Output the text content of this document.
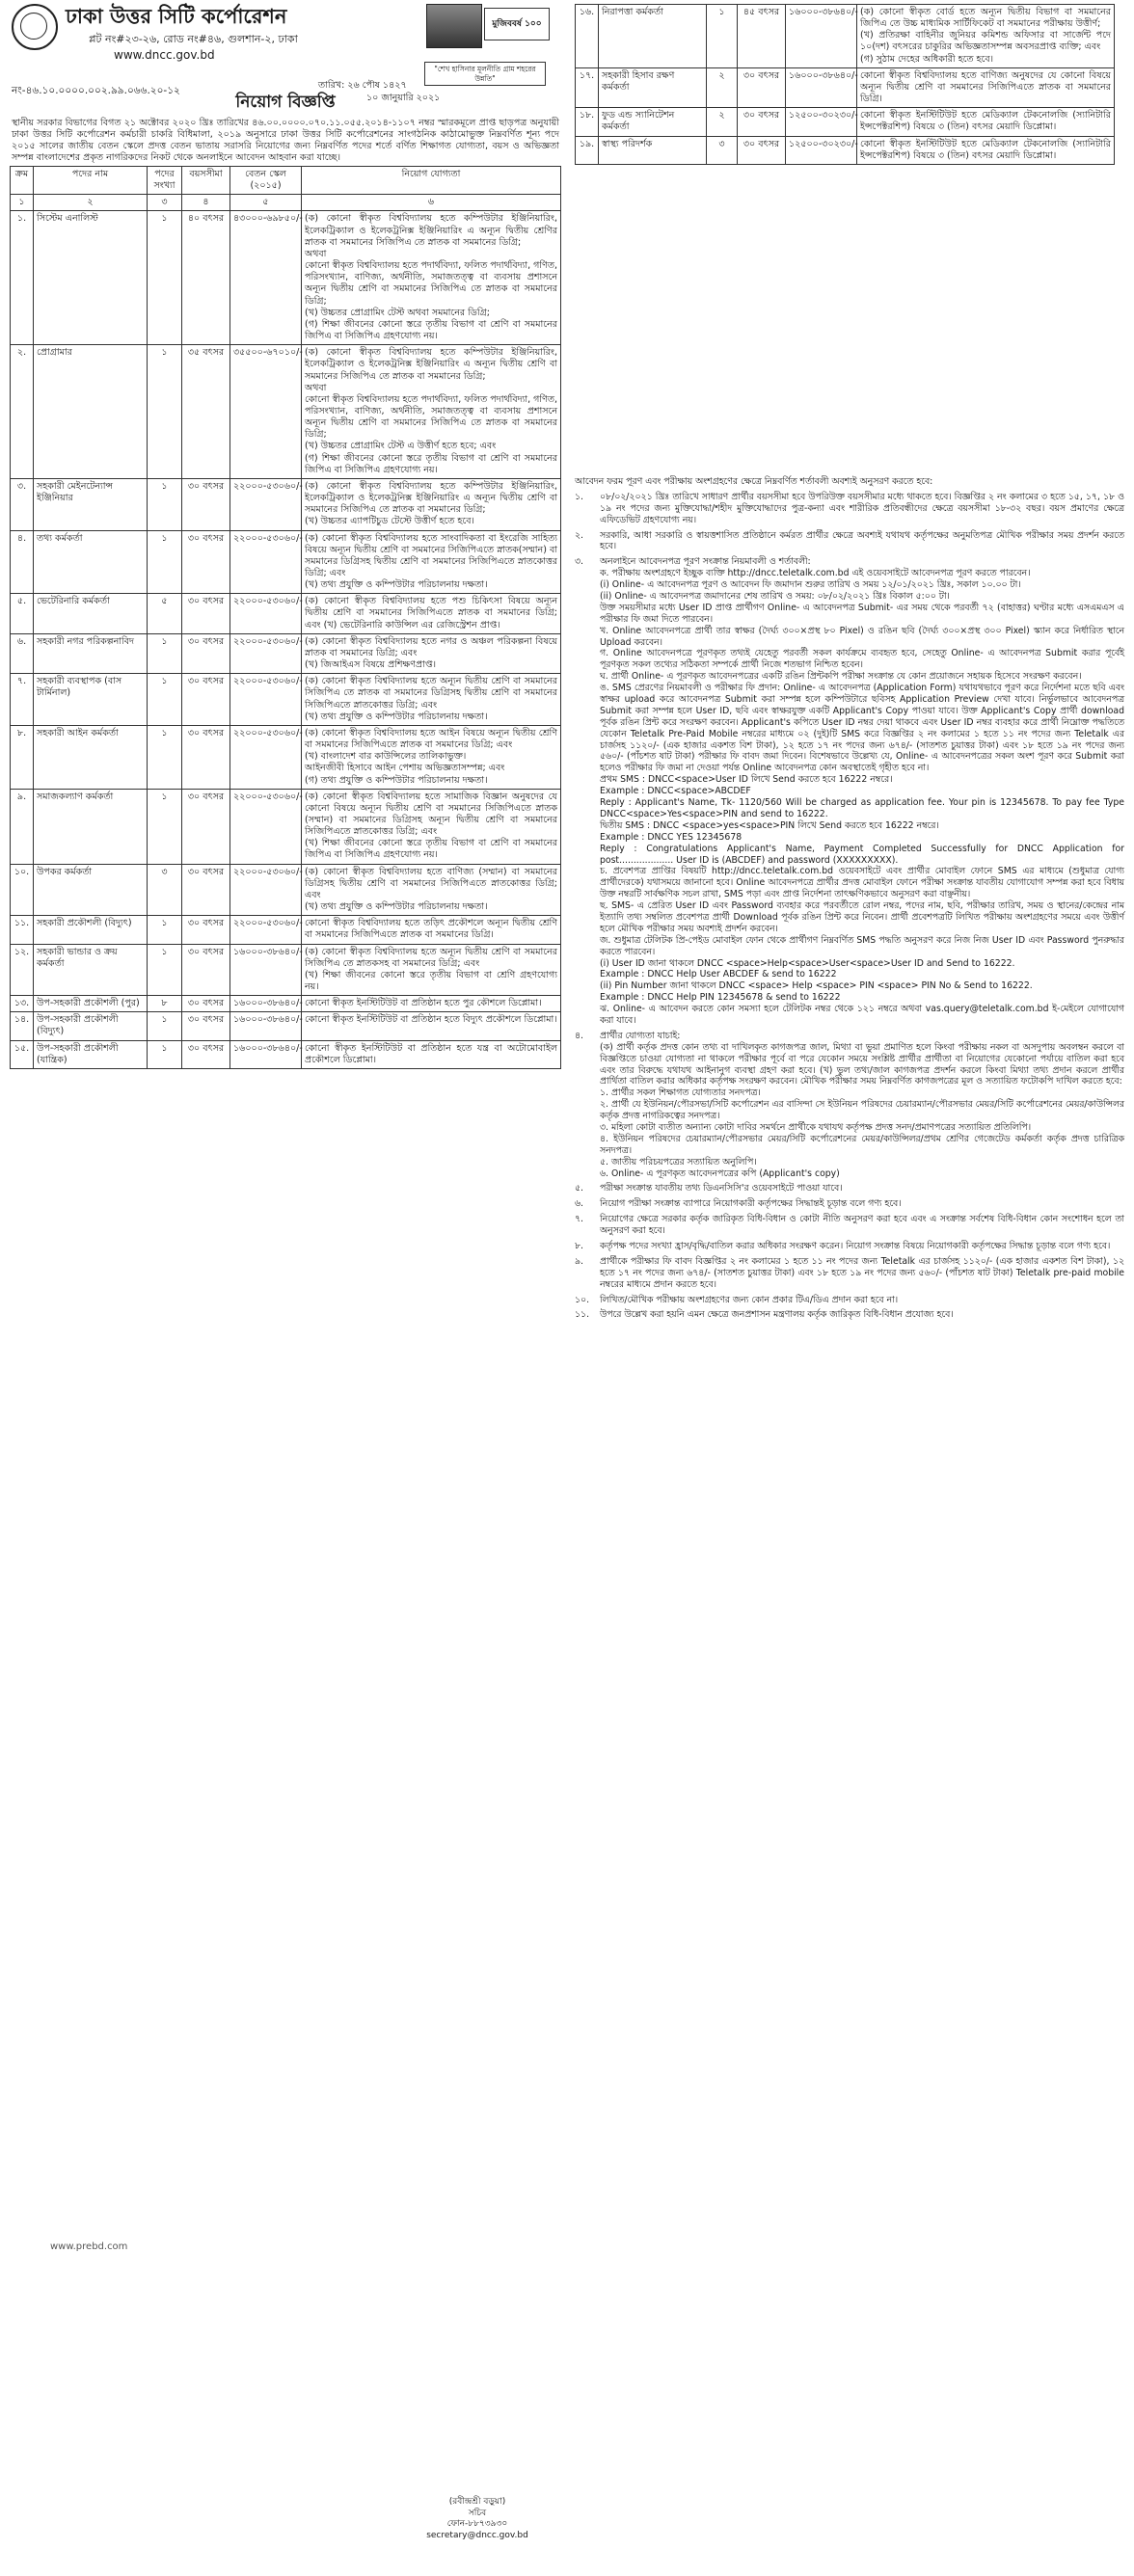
ঢাকা উত্তর সিটি কর্পোরেশন
প্লট নং#২৩-২৬, রোড নং#৪৬, গুলশান-২, ঢাকা
www.dncc.gov.bd
মুজিববর্ষ ১০০
"শেখ হাসিনার মূলনীতি গ্রাম শহরের উন্নতি"
নং-৪৬.১০.০০০০.০০২.৯৯.০৬৬.২০-১২	তারিখ: ২৬ পৌষ ১৪২৭
১০ জানুয়ারি ২০২১
নিয়োগ বিজ্ঞপ্তি
স্থানীয় সরকার বিভাগের বিগত ২১ অক্টোবর ২০২০ খ্রিঃ তারিখের ৪৬.০০.০০০০.০৭০.১১.০৫৫.২০১৪-১১০৭ নম্বর স্মারকমূলে প্রাপ্ত ছাড়পত্র অনুযায়ী ঢাকা উত্তর সিটি কর্পোরেশন কর্মচারী চাকরি বিধিমালা, ২০১৯ অনুসারে ঢাকা উত্তর সিটি কর্পোরেশনের সাংগঠনিক কাঠামোভুক্ত নিম্নবর্ণিত শূন্য পদে ২০১৫ সালের জাতীয় বেতন স্কেলে প্রদত্ত বেতন ভাতায় সরাসরি নিয়োগের জন্য নিম্নবর্ণিত পদের শর্তে বর্ণিত শিক্ষাগত যোগ্যতা, বয়স ও অভিজ্ঞতা সম্পন্ন বাংলাদেশের প্রকৃত নাগরিকদের নিকট থেকে অনলাইনে আবেদন আহবান করা যাচ্ছে।
ক্রম	পদের নাম	পদের সংখ্যা	বয়সসীমা	বেতন স্কেল (২০১৫)	নিয়োগ যোগ্যতা
১	২	৩	৪	৫	৬
১.	সিস্টেম এনালিস্ট	১	৪০ বৎসর	৪৩০০০-৬৯৮৫০/-	(ক) কোনো স্বীকৃত বিশ্ববিদ্যালয় হতে কম্পিউটার ইঞ্জিনিয়ারিং, ইলেকট্রিক্যাল ও ইলেকট্রনিক্স ইঞ্জিনিয়ারিং এ অন্যূন দ্বিতীয় শ্রেণির স্নাতক বা সমমানের সিজিপিএ তে স্নাতক বা সমমানের ডিগ্রি;
অথবা
কোনো স্বীকৃত বিশ্ববিদ্যালয় হতে পদার্থবিদ্যা, ফলিত পদার্থবিদ্যা, গণিত, পরিসংখ্যান, বাণিজ্য, অর্থনীতি, সমাজতত্ত্ব বা ব্যবসায় প্রশাসনে অন্যূন দ্বিতীয় শ্রেণি বা সমমানের সিজিপিএ তে স্নাতক বা সমমানের ডিগ্রি;
(খ) উচ্চতর প্রোগ্রামিং টেস্ট অথবা সমমানের ডিগ্রি;
(গ) শিক্ষা জীবনের কোনো স্তরে তৃতীয় বিভাগ বা শ্রেণি বা সমমানের জিপিএ বা সিজিপিএ গ্রহণযোগ্য নয়।
২.	প্রোগ্রামার	১	৩৫ বৎসর	৩৫৫০০-৬৭০১০/-	(ক) কোনো স্বীকৃত বিশ্ববিদ্যালয় হতে কম্পিউটার ইঞ্জিনিয়ারিং, ইলেকট্রিক্যাল ও ইলেকট্রনিক্স ইঞ্জিনিয়ারিং এ অন্যূন দ্বিতীয় শ্রেণি বা সমমানের সিজিপিএ তে স্নাতক বা সমমানের ডিগ্রি;
অথবা
কোনো স্বীকৃত বিশ্ববিদ্যালয় হতে পদার্থবিদ্যা, ফলিত পদার্থবিদ্যা, গণিত, পরিসংখ্যান, বাণিজ্য, অর্থনীতি, সমাজতত্ত্ব বা ব্যবসায় প্রশাসনে অন্যূন দ্বিতীয় শ্রেণি বা সমমানের সিজিপিএ তে স্নাতক বা সমমানের ডিগ্রি;
(খ) উচ্চতর প্রোগ্রামিং টেস্ট এ উত্তীর্ণ হতে হবে; এবং
(গ) শিক্ষা জীবনের কোনো স্তরে তৃতীয় বিভাগ বা শ্রেণি বা সমমানের জিপিএ বা সিজিপিএ গ্রহণযোগ্য নয়।
৩.	সহকারী মেইনটেন্যান্স ইঞ্জিনিয়ার	১	৩০ বৎসর	২২০০০-৫৩০৬০/-	(ক) কোনো স্বীকৃত বিশ্ববিদ্যালয় হতে কম্পিউটার ইঞ্জিনিয়ারিং, ইলেকট্রিক্যাল ও ইলেকট্রনিক্স ইঞ্জিনিয়ারিং এ অন্যূন দ্বিতীয় শ্রেণি বা সমমানের সিজিপিএ তে স্নাতক বা সমমানের ডিগ্রি;
(খ) উচ্চতর এ্যাপটিচুড টেস্টে উত্তীর্ণ হতে হবে।
৪.	তথ্য কর্মকর্তা	১	৩০ বৎসর	২২০০০-৫৩০৬০/-	(ক) কোনো স্বীকৃত বিশ্ববিদ্যালয় হতে সাংবাদিকতা বা ইংরেজি সাহিত্য বিষয়ে অন্যূন দ্বিতীয় শ্রেণি বা সমমানের সিজিপিএতে স্নাতক(সম্মান) বা সমমানের ডিগ্রিসহ দ্বিতীয় শ্রেণি বা সমমানের সিজিপিএতে স্নাতকোত্তর ডিগ্রি; এবং
(খ) তথ্য প্রযুক্তি ও কম্পিউটার পরিচালনায় দক্ষতা।
৫.	ভেটেরিনারি কর্মকর্তা	৫	৩০ বৎসর	২২০০০-৫৩০৬০/-	(ক) কোনো স্বীকৃত বিশ্ববিদ্যালয় হতে পশু চিকিৎসা বিষয়ে অন্যূন দ্বিতীয় শ্রেণি বা সমমানের সিজিপিএতে স্নাতক বা সমমানের ডিগ্রি; এবং (খ) ভেটেরিনারি কাউন্সিল এর রেজিস্ট্রেশন প্রাপ্ত।
৬.	সহকারী নগর পরিকল্পনাবিদ	১	৩০ বৎসর	২২০০০-৫৩০৬০/-	(ক) কোনো স্বীকৃত বিশ্ববিদ্যালয় হতে নগর ও অঞ্চল পরিকল্পনা বিষয়ে স্নাতক বা সমমানের ডিগ্রি; এবং
(খ) জিআইএস বিষয়ে প্রশিক্ষণপ্রাপ্ত।
৭.	সহকারী ব্যবস্থাপক (বাস টার্মিনাল)	১	৩০ বৎসর	২২০০০-৫৩০৬০/-	(ক) কোনো স্বীকৃত বিশ্ববিদ্যালয় হতে অন্যূন দ্বিতীয় শ্রেণি বা সমমানের সিজিপিএ তে স্নাতক বা সমমানের ডিগ্রিসহ দ্বিতীয় শ্রেণি বা সমমানের সিজিপিএতে স্নাতকোত্তর ডিগ্রি; এবং
(খ) তথ্য প্রযুক্তি ও কম্পিউটার পরিচালনায় দক্ষতা।
৮.	সহকারী আইন কর্মকর্তা	১	৩০ বৎসর	২২০০০-৫৩০৬০/-	(ক) কোনো স্বীকৃত বিশ্ববিদ্যালয় হতে আইন বিষয়ে অন্যূন দ্বিতীয় শ্রেণি বা সমমানের সিজিপিএতে স্নাতক বা সমমানের ডিগ্রি; এবং
(খ) বাংলাদেশ বার কাউন্সিলের তালিকাভুক্ত।
আইনজীবী হিসাবে আইন পেশায় অভিজ্ঞতাসম্পন্ন; এবং
(গ) তথ্য প্রযুক্তি ও কম্পিউটার পরিচালনায় দক্ষতা।
৯.	সমাজকল্যাণ কর্মকর্তা	১	৩০ বৎসর	২২০০০-৫৩০৬০/-	(ক) কোনো স্বীকৃত বিশ্ববিদ্যালয় হতে সামাজিক বিজ্ঞান অনুষদের যে কোনো বিষয়ে অন্যূন দ্বিতীয় শ্রেণি বা সমমানের সিজিপিএতে স্নাতক (সম্মান) বা সমমানের ডিগ্রিসহ অন্যূন দ্বিতীয় শ্রেণি বা সমমানের সিজিপিএতে স্নাতকোত্তর ডিগ্রি; এবং
(খ) শিক্ষা জীবনের কোনো স্তরে তৃতীয় বিভাগ বা শ্রেণি বা সমমানের জিপিএ বা সিজিপিএ গ্রহণযোগ্য নয়।
১০.	উপকর কর্মকর্তা	৩	৩০ বৎসর	২২০০০-৫৩০৬০/-	(ক) কোনো স্বীকৃত বিশ্ববিদ্যালয় হতে বাণিজ্য (সম্মান) বা সমমানের ডিগ্রিসহ দ্বিতীয় শ্রেণি বা সমমানের সিজিপিএতে স্নাতকোত্তর ডিগ্রি; এবং
(খ) তথ্য প্রযুক্তি ও কম্পিউটার পরিচালনায় দক্ষতা।
১১.	সহকারী প্রকৌশলী (বিদ্যুৎ)	১	৩০ বৎসর	২২০০০-৫৩০৬০/-	কোনো স্বীকৃত বিশ্ববিদ্যালয় হতে তড়িৎ প্রকৌশলে অন্যূন দ্বিতীয় শ্রেণি বা সমমানের সিজিপিএতে স্নাতক বা সমমানের ডিগ্রি।
১২.	সহকারী ভান্ডার ও ক্রয় কর্মকর্তা	১	৩০ বৎসর	১৬০০০-৩৮৬৪০/-	(ক) কোনো স্বীকৃত বিশ্ববিদ্যালয় হতে অন্যূন দ্বিতীয় শ্রেণি বা সমমানের সিজিপিএ তে স্নাতকসহ বা সমমানের ডিগ্রি; এবং
(খ) শিক্ষা জীবনের কোনো স্তরে তৃতীয় বিভাগ বা শ্রেণি গ্রহণযোগ্য নয়।
১৩.	উপ-সহকারী প্রকৌশলী (পুর)	৮	৩০ বৎসর	১৬০০০-৩৮৬৪০/-	কোনো স্বীকৃত ইনস্টিটিউট বা প্রতিষ্ঠান হতে পুর কৌশলে ডিপ্লোমা।
১৪.	উপ-সহকারী প্রকৌশলী (বিদ্যুৎ)	১	৩০ বৎসর	১৬০০০-৩৮৬৪০/-	কোনো স্বীকৃত ইনস্টিটিউট বা প্রতিষ্ঠান হতে বিদ্যুৎ প্রকৌশলে ডিপ্লোমা।
১৫.	উপ-সহকারী প্রকৌশলী (যান্ত্রিক)	১	৩০ বৎসর	১৬০০০-৩৮৬৪০/-	কোনো স্বীকৃত ইনস্টিটিউট বা প্রতিষ্ঠান হতে যন্ত্র বা অটোমোবাইল প্রকৌশলে ডিপ্লোমা।
১৬.	নিরাপত্তা কর্মকর্তা	১	৪৫ বৎসর	১৬০০০-৩৮৬৪০/-	(ক) কোনো স্বীকৃত বোর্ড হতে অন্যূন দ্বিতীয় বিভাগ বা সমমানের জিপিএ তে উচ্চ মাধ্যমিক সার্টিফিকেট বা সমমানের পরীক্ষায় উত্তীর্ণ;
(খ) প্রতিরক্ষা বাহিনীর জুনিয়র কমিশন্ড অফিসার বা সার্জেন্ট পদে ১০(দশ) বৎসরের চাকুরির অভিজ্ঞতাসম্পন্ন অবসরপ্রাপ্ত ব্যক্তি; এবং
(গ) সুঠাম দেহের অধিকারী হতে হবে।
১৭.	সহকারী হিসাব রক্ষণ কর্মকর্তা	২	৩০ বৎসর	১৬০০০-৩৮৬৪০/-	কোনো স্বীকৃত বিশ্ববিদ্যালয় হতে বাণিজ্য অনুষদের যে কোনো বিষয়ে অন্যূন দ্বিতীয় শ্রেণি বা সমমানের সিজিপিএতে স্নাতক বা সমমানের ডিগ্রি।
১৮.	ফুড এন্ড স্যানিটেশন কর্মকর্তা	২	৩০ বৎসর	১২৫০০-৩০২৩০/-	কোনো স্বীকৃত ইনস্টিটিউট হতে মেডিক্যাল টেকনোলজি (স্যানিটারি ইন্সপেক্টরশিপ) বিষয়ে ৩ (তিন) বৎসর মেয়াদি ডিপ্লোমা।
১৯.	স্বাস্থ্য পরিদর্শক	৩	৩০ বৎসর	১২৫০০-৩০২৩০/-	কোনো স্বীকৃত ইনস্টিটিউট হতে মেডিক্যাল টেকনোলজি (স্যানিটারি ইন্সপেক্টরশিপ) বিষয়ে ৩ (তিন) বৎসর মেয়াদি ডিপ্লোমা।

আবেদন ফরম পূরণ এবং পরীক্ষায় অংশগ্রহণের ক্ষেত্রে নিম্নবর্ণিত শর্তাবলী অবশ্যই অনুসরণ করতে হবে:

১.	০৮/০২/২০২১ খ্রিঃ তারিখে সাধারণ প্রার্থীর বয়সসীমা হবে উপরিউক্ত বয়সসীমার মধ্যে থাকতে হবে। বিজ্ঞপ্তির ২ নং কলামের ৩ হতে ১৫, ১৭, ১৮ ও ১৯ নং পদের জন্য মুক্তিযোদ্ধা/শহীদ মুক্তিযোদ্ধাদের পুত্র-কন্যা এবং শারীরিক প্রতিবন্ধীদের ক্ষেত্রে বয়সসীমা ১৮-৩২ বছর। বয়স প্রমাণের ক্ষেত্রে এফিডেভিট গ্রহণযোগ্য নয়।
২.	সরকারি, আধা সরকারি ও স্বায়ত্তশাসিত প্রতিষ্ঠানে কর্মরত প্রার্থীর ক্ষেত্রে অবশ্যই যথাযথ কর্তৃপক্ষের অনুমতিপত্র মৌখিক পরীক্ষার সময় প্রদর্শন করতে হবে।
৩.	অনলাইনে আবেদনপত্র পূরণ সংক্রান্ত নিয়মাবলী ও শর্তাবলী:
ক. পরীক্ষায় অংশগ্রহণে ইচ্ছুক ব্যক্তি http://dncc.teletalk.com.bd এই ওয়েবসাইটে আবেদনপত্র পূরণ করতে পারবেন।
(i) Online- এ আবেদনপত্র পূরণ ও আবেদন ফি জমাদান শুরুর তারিখ ও সময় ১২/০১/২০২১ খ্রিঃ, সকাল ১০.০০ টা।
(ii) Online- এ আবেদনপত্র জমাদানের শেষ তারিখ ও সময়: ০৮/০২/২০২১ খ্রিঃ বিকাল ৫:০০ টা।
উক্ত সময়সীমার মধ্যে User ID প্রাপ্ত প্রার্থীগণ Online- এ আবেদনপত্র Submit- এর সময় থেকে পরবর্তী ৭২ (বাহাত্তর) ঘণ্টার মধ্যে এসএমএস এ পরীক্ষার ফি জমা দিতে পারবেন।
খ. Online আবেদনপত্রে প্রার্থী তার স্বাক্ষর (দৈর্ঘ্য ৩০০×প্রস্থ ৮০ Pixel) ও রঙিন ছবি (দৈর্ঘ্য ৩০০×প্রস্থ ৩০০ Pixel) স্ক্যান করে নির্ধারিত স্থানে Upload করবেন।
গ. Online আবেদনপত্রে পূরণকৃত তথ্যই যেহেতু পরবর্তী সকল কার্যক্রমে ব্যবহৃত হবে, সেহেতু Online- এ আবেদনপত্র Submit করার পূর্বেই পূরণকৃত সকল তথ্যের সঠিকতা সম্পর্কে প্রার্থী নিজে শতভাগ নিশ্চিত হবেন।
ঘ. প্রার্থী Online- এ পূরণকৃত আবেদনপত্রের একটি রঙিন প্রিন্টকপি পরীক্ষা সংক্রান্ত যে কোন প্রয়োজনে সহায়ক হিসেবে সংরক্ষণ করবেন।
ঙ. SMS প্রেরণের নিয়মাবলী ও পরীক্ষার ফি প্রদান: Online- এ আবেদনপত্র (Application Form) যথাযথভাবে পূরণ করে নির্দেশনা মতে ছবি এবং স্বাক্ষর upload করে আবেদনপত্র Submit করা সম্পন্ন হলে কম্পিউটারে ছবিসহ Application Preview দেখা যাবে। নির্ভুলভাবে আবেদনপত্র Submit করা সম্পন্ন হলে User ID, ছবি এবং স্বাক্ষরযুক্ত একটি Applicant's Copy পাওয়া যাবে। উক্ত Applicant's Copy প্রার্থী download পূর্বক রঙিন প্রিন্ট করে সংরক্ষণ করবেন। Applicant's কপিতে User ID নম্বর দেয়া থাকবে এবং User ID নম্বর ব্যবহার করে প্রার্থী নিম্নোক্ত পদ্ধতিতে যেকোন Teletalk Pre-Paid Mobile নম্বরের মাধ্যমে ০২ (দুই)টি SMS করে বিজ্ঞপ্তির ২ নং কলামের ১ হতে ১১ নং পদের জন্য Teletalk এর চার্জসহ ১১২০/- (এক হাজার একশত বিশ টাকা), ১২ হতে ১৭ নং পদের জন্য ৬৭৪/- (সাতশত চুয়াত্তর টাকা) এবং ১৮ হতে ১৯ নং পদের জন্য ৫৬০/- (পাঁচশত ষাট টাকা) পরীক্ষার ফি বাবদ জমা দিবেন। বিশেষভাবে উল্লেখ্য যে, Online- এ আবেদনপত্রের সকল অংশ পূরণ করে Submit করা হলেও পরীক্ষার ফি জমা না দেওয়া পর্যন্ত Online আবেদনপত্র কোন অবস্থাতেই গৃহীত হবে না।
প্রথম SMS : DNCC<space>User ID লিখে Send করতে হবে 16222 নম্বরে।
Example : DNCC<space>ABCDEF
Reply : Applicant's Name, Tk- 1120/560 Will be charged as application fee. Your pin is 12345678. To pay fee Type DNCC<space>Yes<space>PIN and send to 16222.
দ্বিতীয় SMS : DNCC <space>yes<space>PIN লিখে Send করতে হবে 16222 নম্বরে।
Example : DNCC YES 12345678
Reply : Congratulations Applicant's Name, Payment Completed Successfully for DNCC Application for post................... User ID is (ABCDEF) and password (XXXXXXXXX).
চ. প্রবেশপত্র প্রাপ্তির বিষয়টি http://dncc.teletalk.com.bd ওয়েবসাইটে এবং প্রার্থীর মোবাইল ফোনে SMS এর মাধ্যমে (শুধুমাত্র যোগ্য প্রার্থীদেরকে) যথাসময়ে জানানো হবে। Online আবেদনপত্রে প্রার্থীর প্রদত্ত মোবাইল ফোনে পরীক্ষা সংক্রান্ত যাবতীয় যোগাযোগ সম্পন্ন করা হবে বিধায় উক্ত নম্বরটি সার্বক্ষণিক সচল রাখা, SMS পড়া এবং প্রাপ্ত নির্দেশনা তাৎক্ষণিকভাবে অনুসরণ করা বাঞ্ছনীয়।
ছ. SMS- এ প্রেরিত User ID এবং Password ব্যবহার করে পরবর্তীতে রোল নম্বর, পদের নাম, ছবি, পরীক্ষার তারিখ, সময় ও স্থানের/কেন্দ্রের নাম ইত্যাদি তথ্য সম্বলিত প্রবেশপত্র প্রার্থী Download পূর্বক রঙিন প্রিন্ট করে নিবেন। প্রার্থী প্রবেশপত্রটি লিখিত পরীক্ষায় অংশগ্রহণের সময়ে এবং উত্তীর্ণ হলে মৌখিক পরীক্ষার সময় অবশ্যই প্রদর্শন করবেন।
জ. শুধুমাত্র টেলিটক প্রি-পেইড মোবাইল ফোন থেকে প্রার্থীগণ নিম্নবর্ণিত SMS পদ্ধতি অনুসরণ করে নিজ নিজ User ID এবং Password পুনরুদ্ধার করতে পারবেন।
(i) User ID জানা থাকলে DNCC <space>Help<space>User<space>User ID and Send to 16222.
Example : DNCC Help User ABCDEF & send to 16222
(ii) Pin Number জানা থাকলে DNCC <space> Help <space> PIN <space> PIN No & Send to 16222.
Example : DNCC Help PIN 12345678 & send to 16222
ঝ. Online- এ আবেদন করতে কোন সমস্যা হলে টেলিটক নম্বর থেকে ১২১ নম্বরে অথবা vas.query@teletalk.com.bd ই-মেইলে যোগাযোগ করা যাবে।
৪.	প্রার্থীর যোগ্যতা যাচাই:
(ক) প্রার্থী কর্তৃক প্রদত্ত কোন তথ্য বা দাখিলকৃত কাগজপত্র জাল, মিথ্যা বা ভুয়া প্রমাণিত হলে কিংবা পরীক্ষায় নকল বা অসদুপায় অবলম্বন করলে বা বিজ্ঞপ্তিতে চাওয়া যোগ্যতা না থাকলে পরীক্ষার পূর্বে বা পরে যেকোন সময়ে সংশ্লিষ্ট প্রার্থীর প্রার্থীতা বা নিয়োগের যেকোনো পর্যায়ে বাতিল করা হবে এবং তার বিরুদ্ধে যথাযথ আইনানুগ ব্যবস্থা গ্রহণ করা হবে। (খ) ভুল তথ্য/জাল কাগজপত্র প্রদর্শন করলে কিংবা মিথ্যা তথ্য প্রদান করলে প্রার্থীর প্রার্থিতা বাতিল করার অধিকার কর্তৃপক্ষ সংরক্ষণ করবেন। মৌখিক পরীক্ষার সময় নিম্নবর্ণিত কাগজপত্রের মূল ও সত্যায়িত ফটোকপি দাখিল করতে হবে:
১. প্রার্থীর সকল শিক্ষাগত যোগ্যতার সনদপত্র।
২. প্রার্থী যে ইউনিয়ন/পৌরসভা/সিটি কর্পোরেশন এর বাসিন্দা সে ইউনিয়ন পরিষদের চেয়ারম্যান/পৌরসভার মেয়র/সিটি কর্পোরেশনের মেয়র/কাউন্সিলর কর্তৃক প্রদত্ত নাগরিকত্বের সনদপত্র।
৩. মহিলা কোটা ব্যতীত অন্যান্য কোটা দাবির সমর্থনে প্রার্থীকে যথাযথ কর্তৃপক্ষ প্রদত্ত সনদ/প্রমাণপত্রের সত্যায়িত প্রতিলিপি।
৪. ইউনিয়ন পরিষদের চেয়ারম্যান/পৌরসভার মেয়র/সিটি কর্পোরেশনের মেয়র/কাউন্সিলর/প্রথম শ্রেণির গেজেটেড কর্মকর্তা কর্তৃক প্রদত্ত চারিত্রিক সনদপত্র।
৫. জাতীয় পরিচয়পত্রের সত্যায়িত অনুলিপি।
৬. Online- এ পূরণকৃত আবেদনপত্রের কপি (Applicant's copy)
৫.	পরীক্ষা সংক্রান্ত যাবতীয় তথ্য ডিএনসিসি'র ওয়েবসাইটে পাওয়া যাবে।
৬.	নিয়োগ পরীক্ষা সংক্রান্ত ব্যাপারে নিয়োগকারী কর্তৃপক্ষের সিদ্ধান্তই চূড়ান্ত বলে গণ্য হবে।
৭.	নিয়োগের ক্ষেত্রে সরকার কর্তৃক জারিকৃত বিধি-বিধান ও কোটা নীতি অনুসরণ করা হবে এবং এ সংক্রান্ত সর্বশেষ বিধি-বিধান কোন সংশোধন হলে তা অনুসরণ করা হবে।
৮.	কর্তৃপক্ষ পদের সংখ্যা হ্রাস/বৃদ্ধি/বাতিল করার অধিকার সংরক্ষণ করেন। নিয়োগ সংক্রান্ত বিষয়ে নিয়োগকারী কর্তৃপক্ষের সিদ্ধান্ত চূড়ান্ত বলে গণ্য হবে।
৯.	প্রার্থীকে পরীক্ষার ফি বাবদ বিজ্ঞপ্তির ২ নং কলামের ১ হতে ১১ নং পদের জন্য Teletalk এর চার্জসহ ১১২০/- (এক হাজার একশত বিশ টাকা), ১২ হতে ১৭ নং পদের জন্য ৬৭৪/- (সাতশত চুয়াত্তর টাকা) এবং ১৮ হতে ১৯ নং পদের জন্য ৫৬০/- (পাঁচশত ষাট টাকা) Teletalk pre-paid mobile নম্বরের মাধ্যমে প্রদান করতে হবে।
১০.	লিখিত/মৌখিক পরীক্ষায় অংশগ্রহণের জন্য কোন প্রকার টিএ/ডিএ প্রদান করা হবে না।
১১.	উপরে উল্লেখ করা হয়নি এমন ক্ষেত্রে জনপ্রশাসন মন্ত্রণালয় কর্তৃক জারিকৃত বিধি-বিধান প্রযোজ্য হবে।
www.prebd.com
(রবীন্দ্রশ্রী বড়ুয়া)
সচিব
ফোন-৮৮৭৩৯৩০
secretary@dncc.gov.bd
